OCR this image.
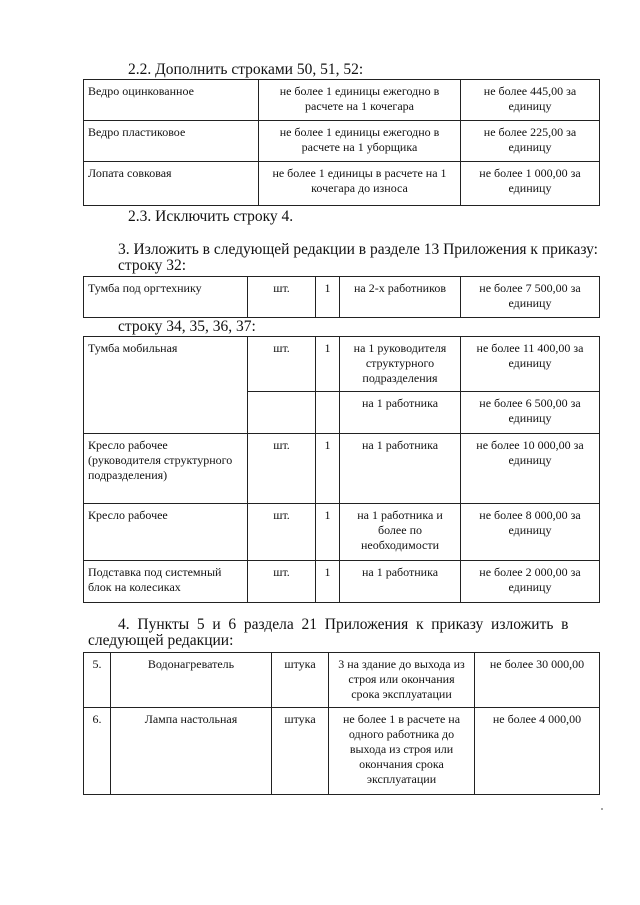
2.2. Дополнить строками 50, 51, 52:
Ведро оцинкованное	не более 1 единицы ежегодно в расчете на 1 кочегара	не более 445,00 за единицу
Ведро пластиковое	не более 1 единицы ежегодно в расчете на 1 уборщика	не более 225,00 за единицу
Лопата совковая	не более 1 единицы в расчете на 1 кочегара до износа	не более 1 000,00 за единицу
2.3. Исключить строку 4.
3. Изложить в следующей редакции в разделе 13 Приложения к приказу:
строку 32:
Тумба под оргтехнику	шт.	1	на 2-х работников	не более 7 500,00 за единицу
строку 34, 35, 36, 37:
Тумба мобильная	шт.	1	на 1 руководителя структурного подразделения	не более 11 400,00 за единицу
			на 1 работника	не более 6 500,00 за единицу
Кресло рабочее (руководителя структурного подразделения)	шт.	1	на 1 работника	не более 10 000,00 за единицу
Кресло рабочее	шт.	1	на 1 работника и более по необходимости	не более 8 000,00 за единицу
Подставка под системный блок на колесиках	шт.	1	на 1 работника	не более 2 000,00 за единицу
4.  Пункты  5  и  6  раздела  21  Приложения  к  приказу  изложить  в
следующей редакции:
5.	Водонагреватель	штука	3 на здание до выхода из строя или окончания срока эксплуатации	не более 30 000,00
6.	Лампа настольная	штука	не более 1 в расчете на одного работника до выхода из строя или окончания срока эксплуатации	не более 4 000,00
